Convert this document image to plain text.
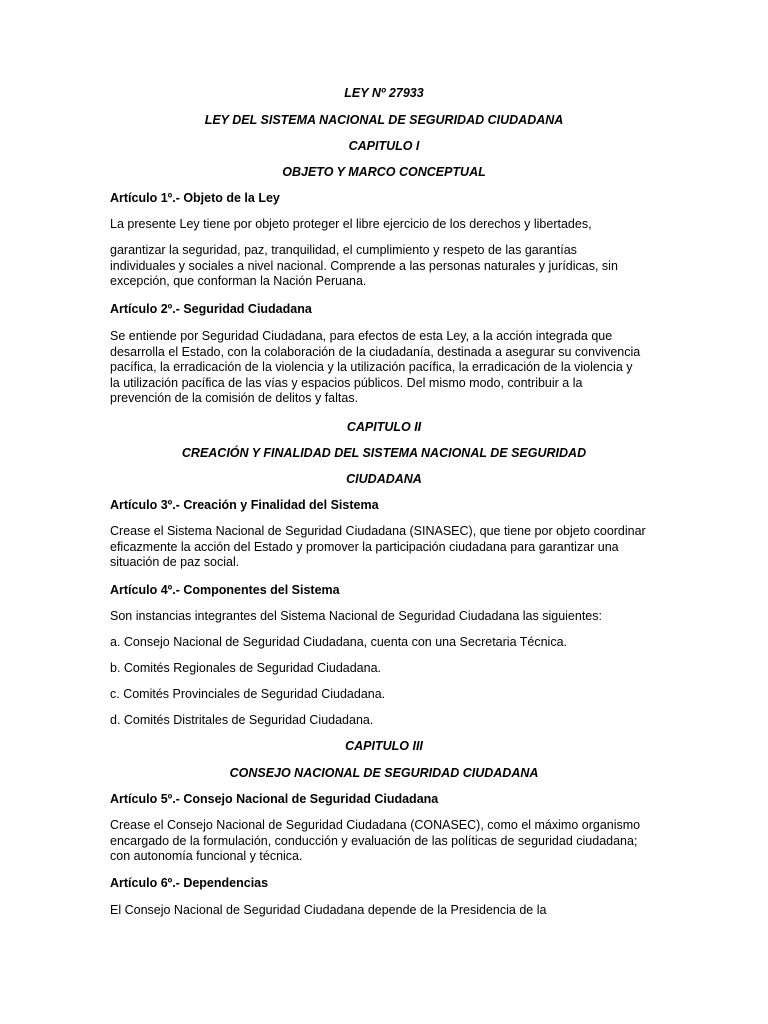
LEY Nº 27933
LEY DEL SISTEMA NACIONAL DE SEGURIDAD CIUDADANA
CAPITULO I
OBJETO Y MARCO CONCEPTUAL
Artículo 1º.- Objeto de la Ley
La presente Ley tiene por objeto proteger el libre ejercicio de los derechos y libertades,
garantizar la seguridad, paz, tranquilidad, el cumplimiento y respeto de las garantías
individuales y sociales a nivel nacional. Comprende a las personas naturales y jurídicas, sin
excepción, que conforman la Nación Peruana.
Artículo 2º.- Seguridad Ciudadana
Se entiende por Seguridad Ciudadana, para efectos de esta Ley, a la acción integrada que
desarrolla el Estado, con la colaboración de la ciudadanía, destinada a asegurar su convivencia
pacífica, la erradicación de la violencia y la utilización pacífica, la erradicación de la violencia y
la utilización pacífica de las vías y espacios públicos. Del mismo modo, contribuir a la
prevención de la comisión de delitos y faltas.
CAPITULO II
CREACIÓN Y FINALIDAD DEL SISTEMA NACIONAL DE SEGURIDAD
CIUDADANA
Artículo 3º.- Creación y Finalidad del Sistema
Crease el Sistema Nacional de Seguridad Ciudadana (SINASEC), que tiene por objeto coordinar
eficazmente la acción del Estado y promover la participación ciudadana para garantizar una
situación de paz social.
Artículo 4º.- Componentes del Sistema
Son instancias integrantes del Sistema Nacional de Seguridad Ciudadana las siguientes:
a. Consejo Nacional de Seguridad Ciudadana, cuenta con una Secretaria Técnica.
b. Comités Regionales de Seguridad Ciudadana.
c. Comités Provinciales de Seguridad Ciudadana.
d. Comités Distritales de Seguridad Ciudadana.
CAPITULO III
CONSEJO NACIONAL DE SEGURIDAD CIUDADANA
Artículo 5º.- Consejo Nacional de Seguridad Ciudadana
Crease el Consejo Nacional de Seguridad Ciudadana (CONASEC), como el máximo organismo
encargado de la formulación, conducción y evaluación de las políticas de seguridad ciudadana;
con autonomía funcional y técnica.
Artículo 6º.- Dependencias
El Consejo Nacional de Seguridad Ciudadana depende de la Presidencia de la
